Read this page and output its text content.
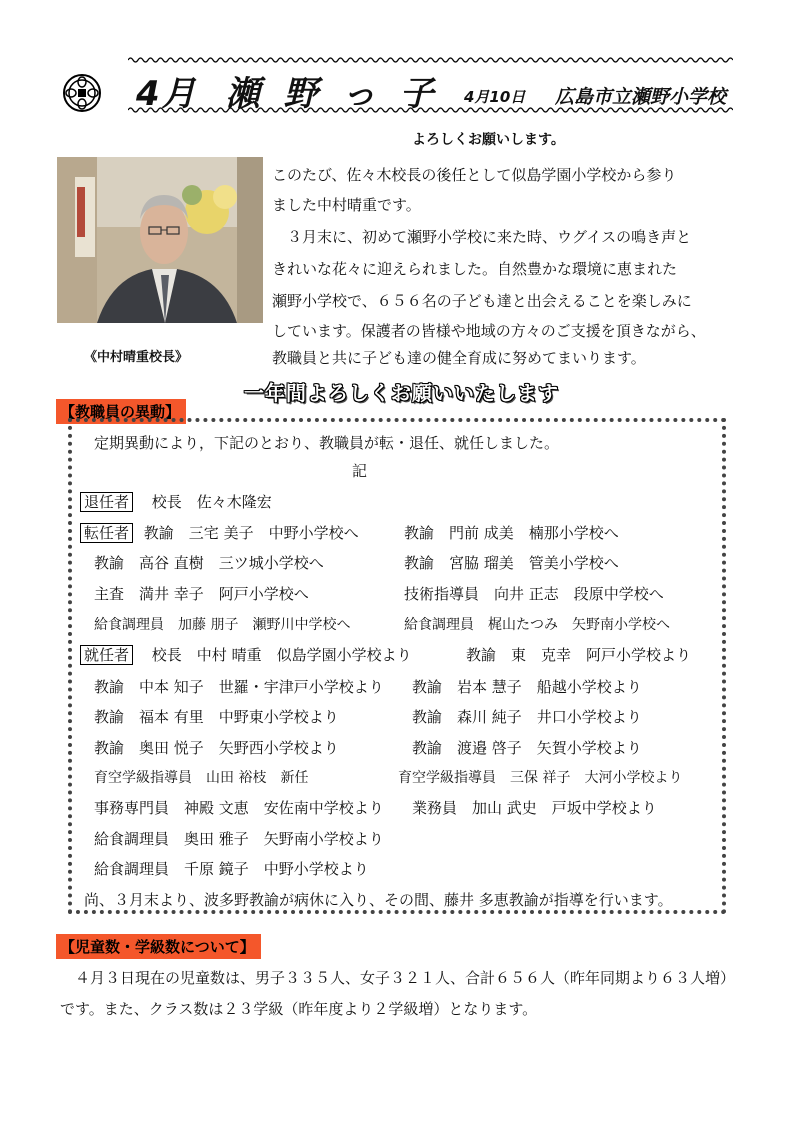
4月 瀬 野 っ 子 4月10日 広島市立瀬野小学校
よろしくお願いします。
《中村晴重校長》
このたび、佐々木校長の後任として似島学園小学校から参り
ました中村晴重です。
　３月末に、初めて瀬野小学校に来た時、ウグイスの鳴き声と
きれいな花々に迎えられました。自然豊かな環境に恵まれた
瀬野小学校で、６５６名の子ども達と出会えることを楽しみに
しています。保護者の皆様や地域の方々のご支援を頂きながら、
教職員と共に子ども達の健全育成に努めてまいります。
一年間よろしくお願いいたします
【教職員の異動】
定期異動により，下記のとおり、教職員が転・退任、就任しました。
記
退任者 校長　佐々木隆宏
転任者 教諭　三宅 美子　中野小学校へ	教諭　門前 成美　楠那小学校へ
教諭　高谷 直樹　三ツ城小学校へ	教諭　宮脇 瑠美　管美小学校へ
主査　満井 幸子　阿戸小学校へ	技術指導員　向井 正志　段原中学校へ
給食調理員　加藤 朋子　瀬野川中学校へ	給食調理員　梶山たつみ　矢野南小学校へ
就任者 校長　中村 晴重　似島学園小学校より	教諭　東　克幸　阿戸小学校より
教諭　中本 知子　世羅・宇津戸小学校より 教諭　岩本 慧子　船越小学校より
教諭　福本 有里　中野東小学校より	教諭　森川 純子　井口小学校より
教諭　奥田 悦子　矢野西小学校より	教諭　渡邉 啓子　矢賀小学校より
育空学級指導員　山田 裕枝　新任	育空学級指導員　三保 祥子　大河小学校より
事務専門員　神殿 文恵　安佐南中学校より 業務員　加山 武史　戸坂中学校より
給食調理員　奥田 雅子　矢野南小学校より
給食調理員　千原 鏡子　中野小学校より
尚、３月末より、波多野教諭が病休に入り、その間、藤井 多恵教諭が指導を行います。
【児童数・学級数について】
　４月３日現在の児童数は、男子３３５人、女子３２１人、合計６５６人（昨年同期より６３人増）
です。また、クラス数は２３学級（昨年度より２学級増）となります。
